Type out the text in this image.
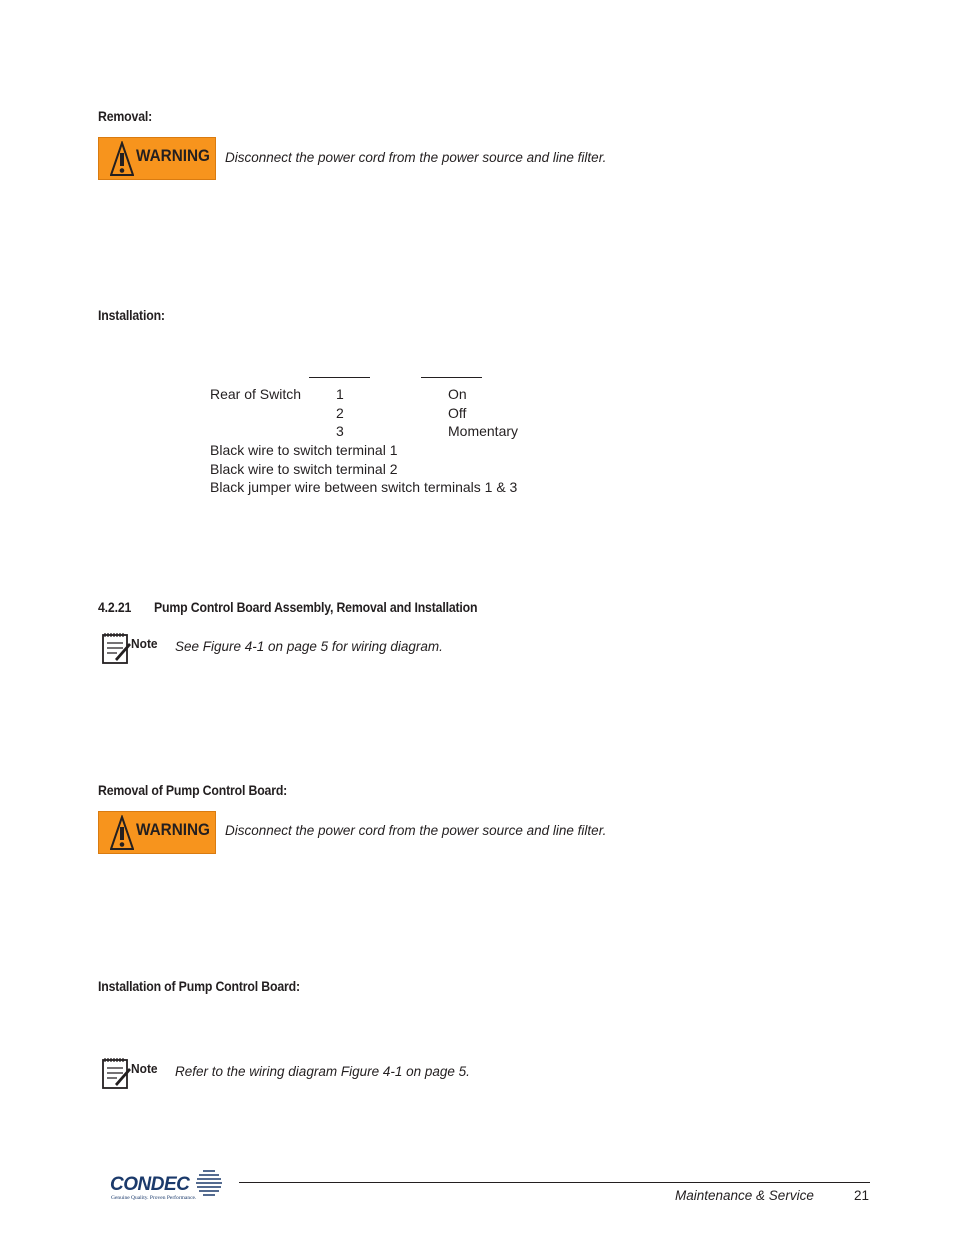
Removal:
WARNING Disconnect the power cord from the power source and line filter.
Installation:
Rear of Switch 1
2
3
On
Off
Momentary
Black wire to switch terminal 1
Black wire to switch terminal 2
Black jumper wire between switch terminals 1 & 3
4.2.21 Pump Control Board Assembly, Removal and Installation
Note See Figure 4-1 on page 5 for wiring diagram.
Removal of Pump Control Board:
WARNING Disconnect the power cord from the power source and line filter.
Installation of Pump Control Board:
Note Refer to the wiring diagram Figure 4-1 on page 5.
CONDEC
Genuine Quality. Proven Performance.	Maintenance & Service	21
